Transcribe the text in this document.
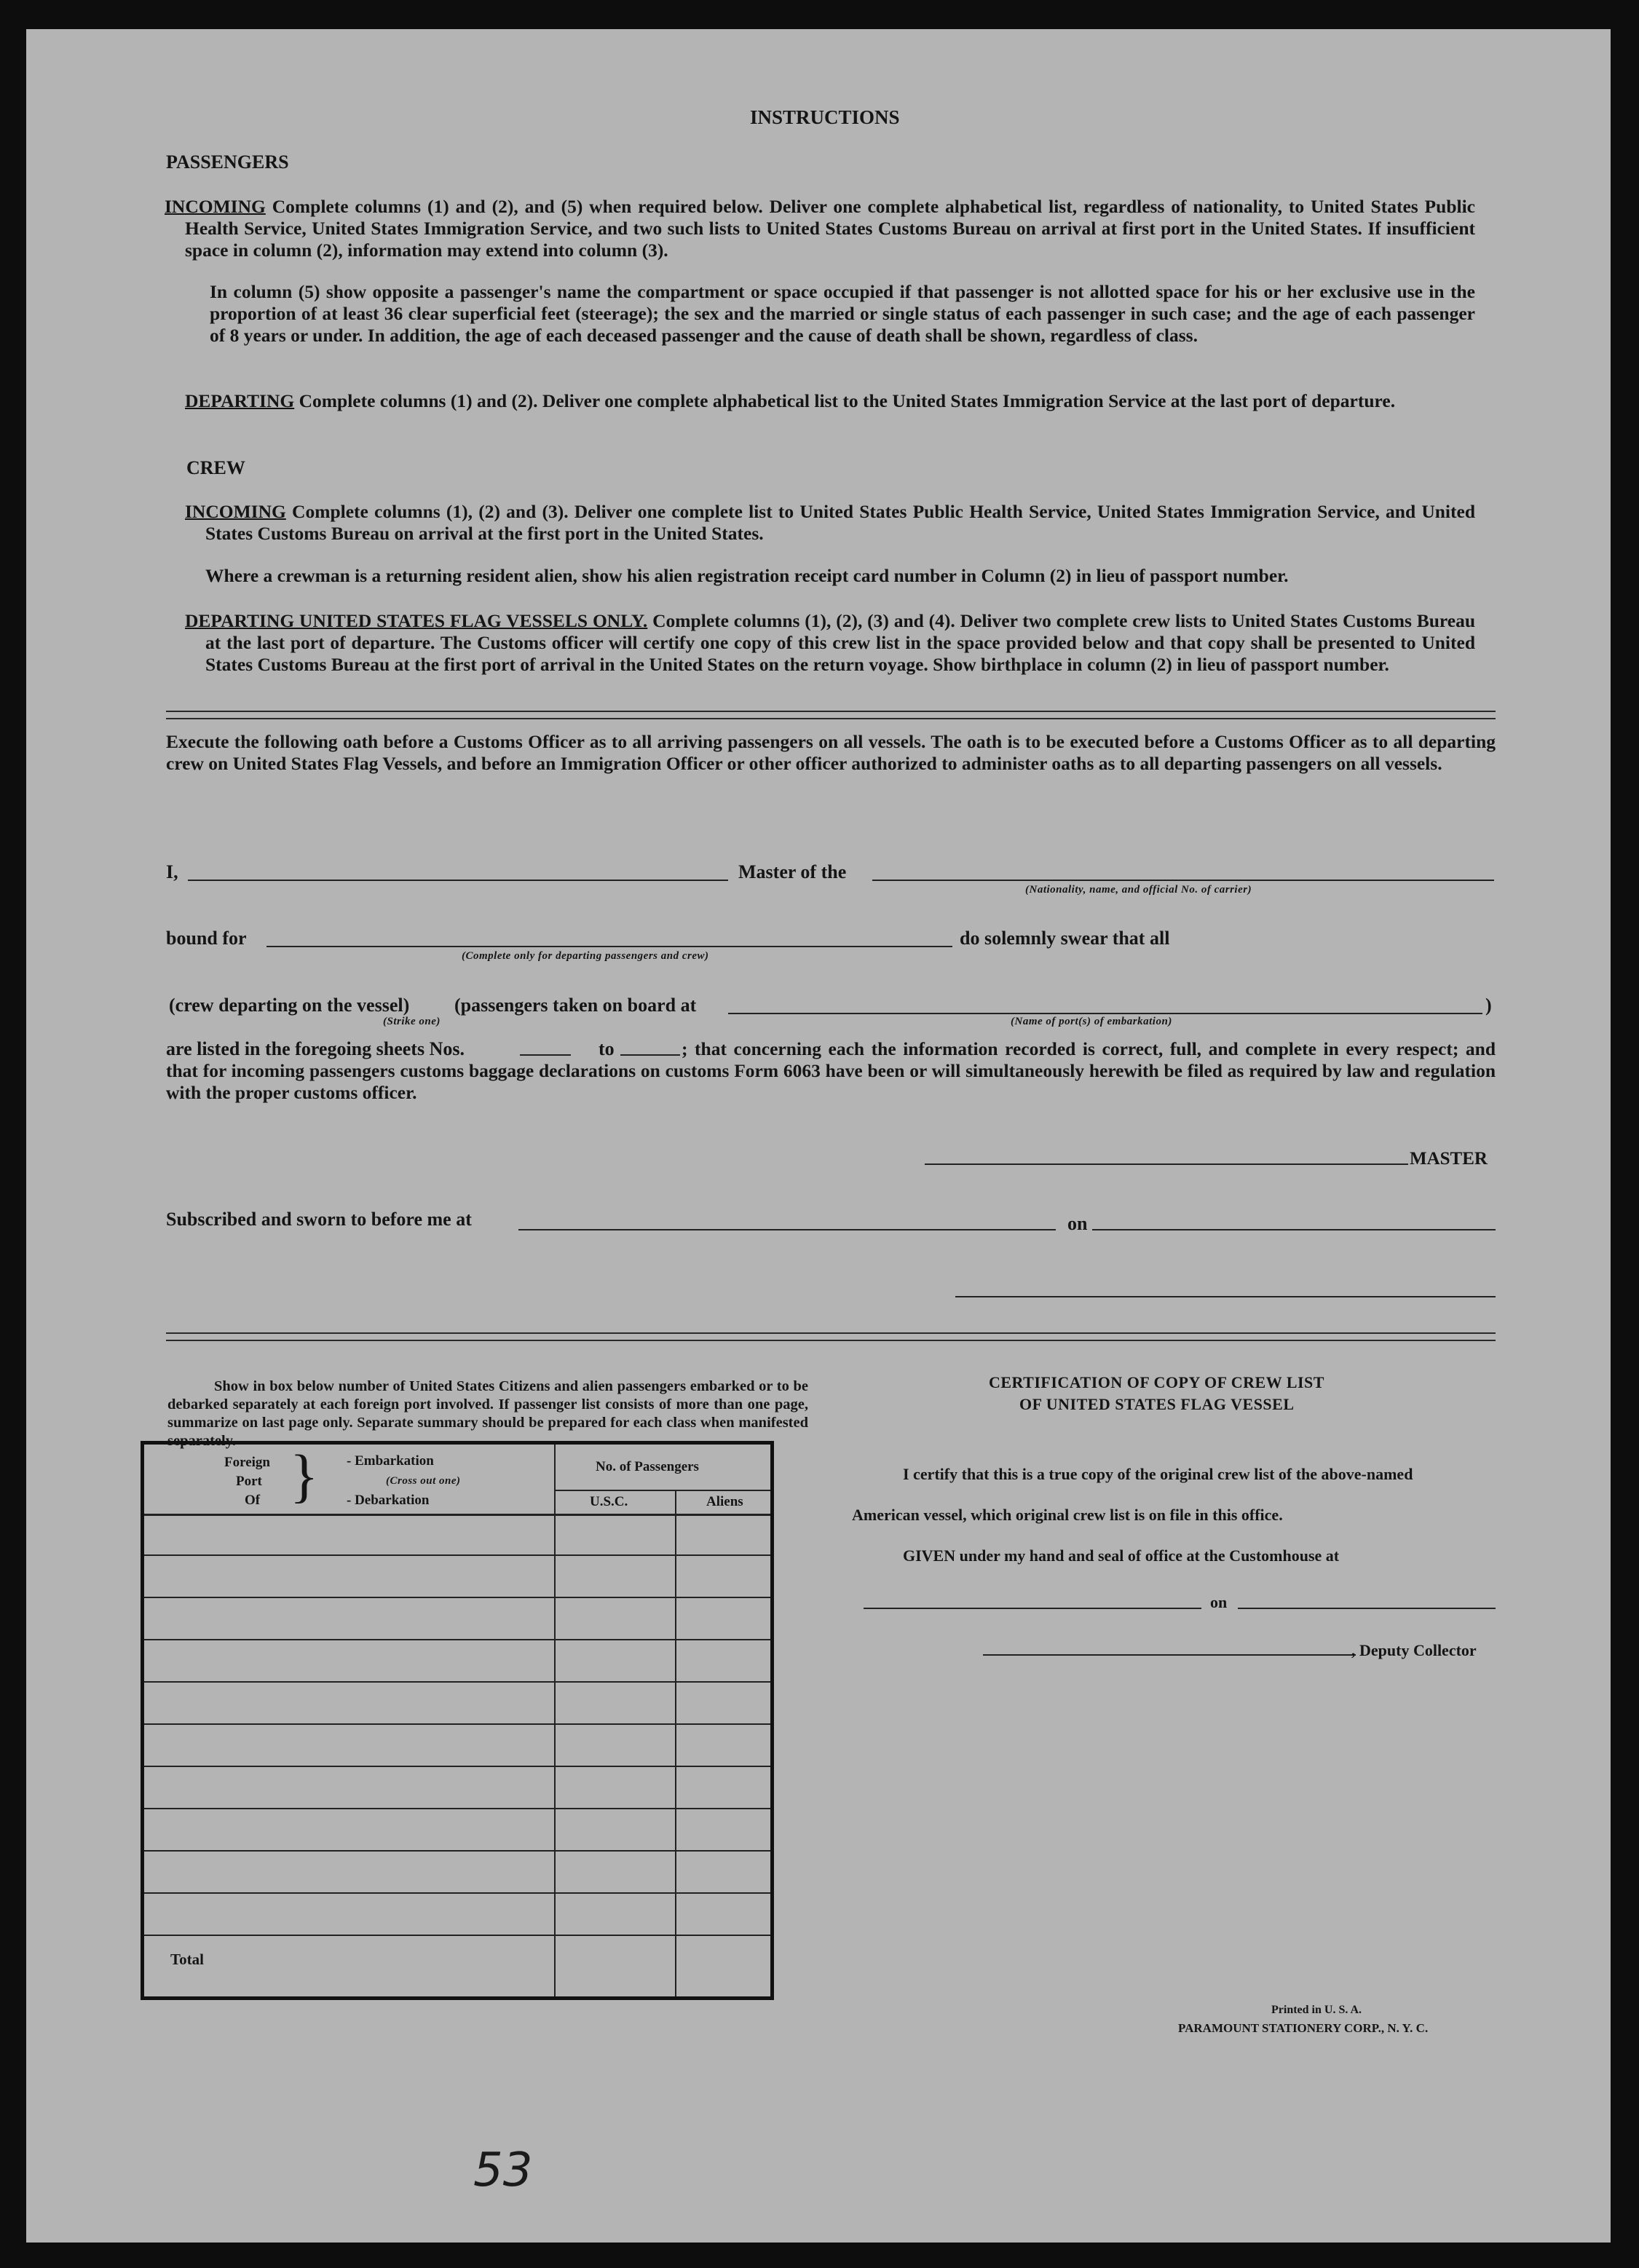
INSTRUCTIONS
PASSENGERS
INCOMING Complete columns (1) and (2), and (5) when required below. Deliver one complete alphabetical list, regardless of nationality, to United States Public Health Service, United States Immigration Service, and two such lists to United States Customs Bureau on arrival at first port in the United States. If insufficient space in column (2), information may extend into column (3).
In column (5) show opposite a passenger's name the compartment or space occupied if that passenger is not allotted space for his or her exclusive use in the proportion of at least 36 clear superficial feet (steerage); the sex and the married or single status of each passenger in such case; and the age of each passenger of 8 years or under. In addition, the age of each deceased passenger and the cause of death shall be shown, regardless of class.
DEPARTING Complete columns (1) and (2). Deliver one complete alphabetical list to the United States Immigration Service at the last port of departure.
CREW
INCOMING Complete columns (1), (2) and (3). Deliver one complete list to United States Public Health Service, United States Immigration Service, and United States Customs Bureau on arrival at the first port in the United States.
Where a crewman is a returning resident alien, show his alien registration receipt card number in Column (2) in lieu of passport number.
DEPARTING UNITED STATES FLAG VESSELS ONLY. Complete columns (1), (2), (3) and (4). Deliver two complete crew lists to United States Customs Bureau at the last port of departure. The Customs officer will certify one copy of this crew list in the space provided below and that copy shall be presented to United States Customs Bureau at the first port of arrival in the United States on the return voyage. Show birthplace in column (2) in lieu of passport number.
Execute the following oath before a Customs Officer as to all arriving passengers on all vessels. The oath is to be executed before a Customs Officer as to all departing crew on United States Flag Vessels, and before an Immigration Officer or other officer authorized to administer oaths as to all departing passengers on all vessels.
I,	Master of the
(Nationality, name, and official No. of carrier)
bound for
(Complete only for departing passengers and crew)
do solemnly swear that all
(crew departing on the vessel) (passengers taken on board at
(Strike one)
)
(Name of port(s) of embarkation)
are listed in the foregoing sheets Nos.	to	; that concerning each the information recorded is correct, full, and complete in every respect; and that for incoming passengers customs baggage declarations on customs Form 6063 have been or will simultaneously herewith be filed as required by law and regulation with the proper customs officer.
MASTER
Subscribed and sworn to before me at	on
Show in box below number of United States Citizens and alien passengers embarked or to be debarked separately at each foreign port involved. If passenger list consists of more than one page, summarize on last page only. Separate summary should be prepared for each class when manifested separately.
Foreign
Port
Of } - Embarkation
(Cross out one)
- Debarkation
No. of Passengers
U.S.C.	Aliens
Total
CERTIFICATION OF COPY OF CREW LIST
OF UNITED STATES FLAG VESSEL
I certify that this is a true copy of the original crew list of the above-named
American vessel, which original crew list is on file in this office.
GIVEN under my hand and seal of office at the Customhouse at
on
, Deputy Collector
Printed in U. S. A.
PARAMOUNT STATIONERY CORP., N. Y. C.
53
